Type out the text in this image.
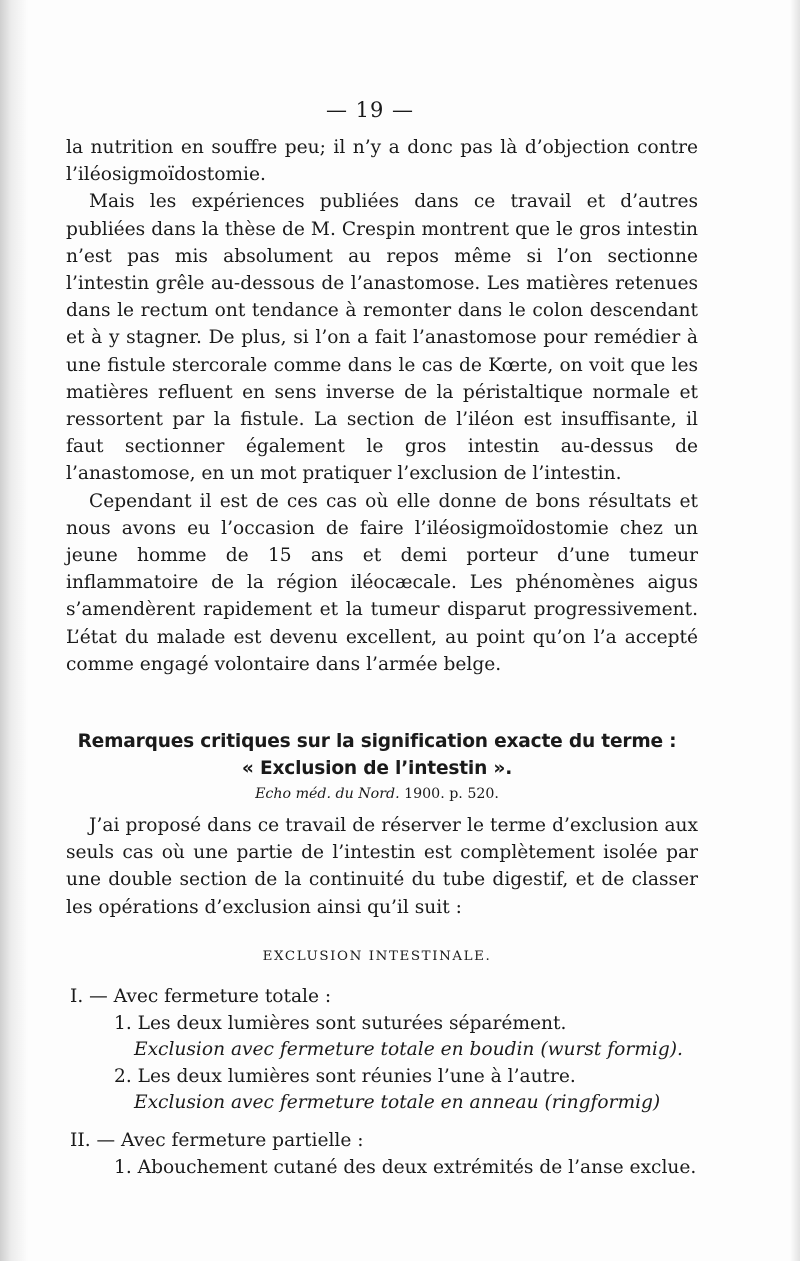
— 19 —

la nutrition en souffre peu; il n’y a donc pas là d’objection contre l’iléosigmoïdostomie.

Mais les expériences publiées dans ce travail et d’autres publiées dans la thèse de M. Crespin montrent que le gros intestin n’est pas mis absolument au repos même si l’on sectionne l’intestin grêle au-dessous de l’anastomose. Les matières retenues dans le rectum ont tendance à remonter dans le colon descendant et à y stagner. De plus, si l’on a fait l’anastomose pour remédier à une fistule stercorale comme dans le cas de Kœrte, on voit que les matières refluent en sens inverse de la péristaltique normale et ressortent par la fistule. La section de l’iléon est insuffisante, il faut sectionner également le gros intestin au-dessus de l’anastomose, en un mot pratiquer l’exclusion de l’intestin.

Cependant il est de ces cas où elle donne de bons résultats et nous avons eu l’occasion de faire l’iléosigmoïdostomie chez un jeune homme de 15 ans et demi porteur d’une tumeur inflammatoire de la région iléocæcale. Les phénomènes aigus s’amendèrent rapidement et la tumeur disparut progressivement. L’état du malade est devenu excellent, au point qu’on l’a accepté comme engagé volontaire dans l’armée belge.

Remarques critiques sur la signification exacte du terme :
« Exclusion de l’intestin ».
Echo méd. du Nord. 1900. p. 520.

J’ai proposé dans ce travail de réserver le terme d’exclusion aux seuls cas où une partie de l’intestin est complètement isolée par une double section de la continuité du tube digestif, et de classer les opérations d’exclusion ainsi qu’il suit :

EXCLUSION INTESTINALE.
I. — Avec fermeture totale :
1. Les deux lumières sont suturées séparément.
Exclusion avec fermeture totale en boudin (wurst formig).
2. Les deux lumières sont réunies l’une à l’autre.
Exclusion avec fermeture totale en anneau (ringformig)
II. — Avec fermeture partielle :
1. Abouchement cutané des deux extrémités de l’anse exclue.
